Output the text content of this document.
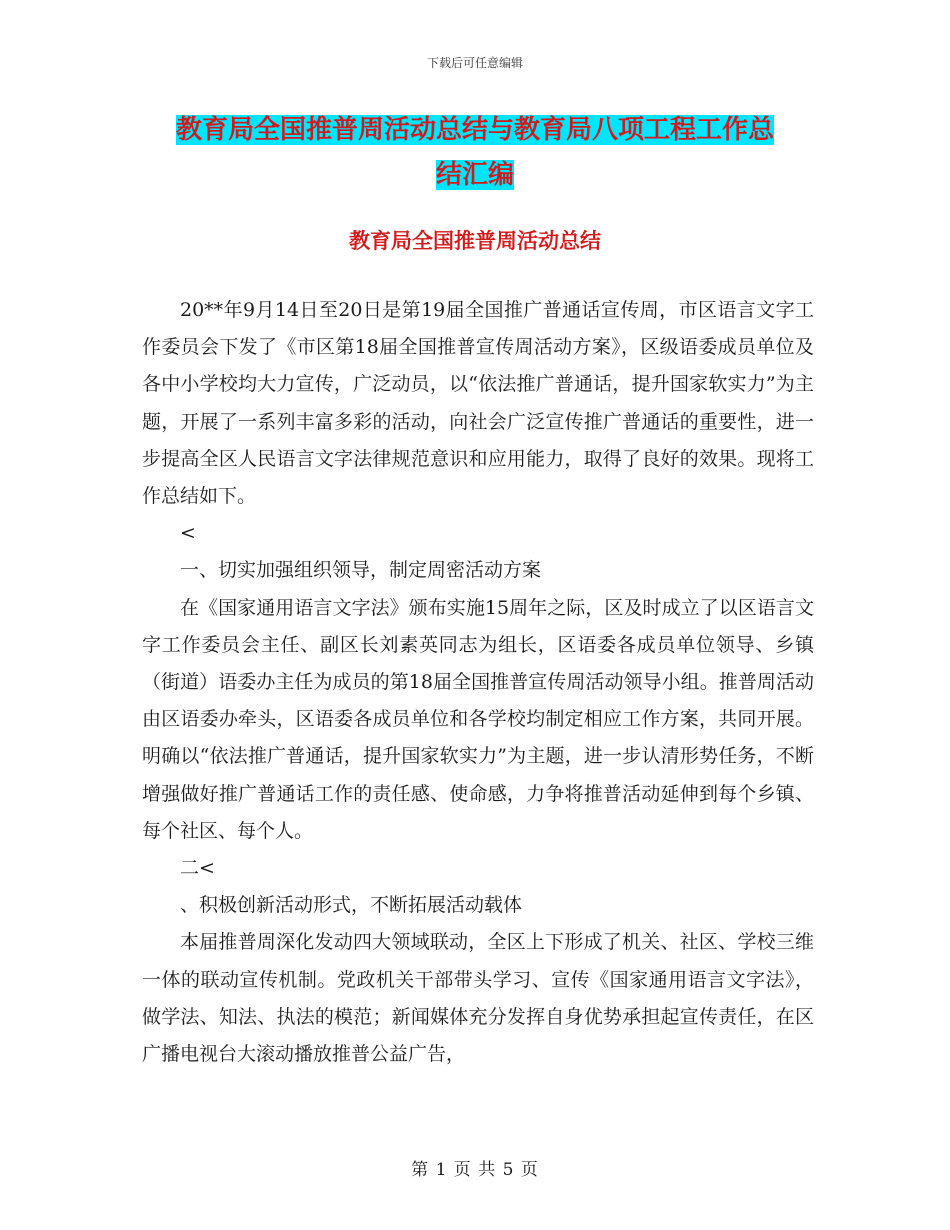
下载后可任意编辑
教育局全国推普周活动总结与教育局八项工程工作总
结汇编
教育局全国推普周活动总结

20**年9月14日至20日是第19届全国推广普通话宣传周，市区语言文字工作委员会下发了《市区第18届全国推普宣传周活动方案》，区级语委成员单位及各中小学校均大力宣传，广泛动员，以“依法推广普通话，提升国家软实力”为主题，开展了一系列丰富多彩的活动，向社会广泛宣传推广普通话的重要性，进一步提高全区人民语言文字法律规范意识和应用能力，取得了良好的效果。现将工作总结如下。

<

一、切实加强组织领导，制定周密活动方案

在《国家通用语言文字法》颁布实施15周年之际，区及时成立了以区语言文字工作委员会主任、副区长刘素英同志为组长，区语委各成员单位领导、乡镇（街道）语委办主任为成员的第18届全国推普宣传周活动领导小组。推普周活动由区语委办牵头，区语委各成员单位和各学校均制定相应工作方案，共同开展。明确以“依法推广普通话，提升国家软实力”为主题，进一步认清形势任务，不断增强做好推广普通话工作的责任感、使命感，力争将推普活动延伸到每个乡镇、每个社区、每个人。

二<

、积极创新活动形式，不断拓展活动载体

本届推普周深化发动四大领域联动，全区上下形成了机关、社区、学校三维一体的联动宣传机制。党政机关干部带头学习、宣传《国家通用语言文字法》，做学法、知法、执法的模范；新闻媒体充分发挥自身优势承担起宣传责任，在区广播电视台大滚动播放推普公益广告，

第 1 页 共 5 页
